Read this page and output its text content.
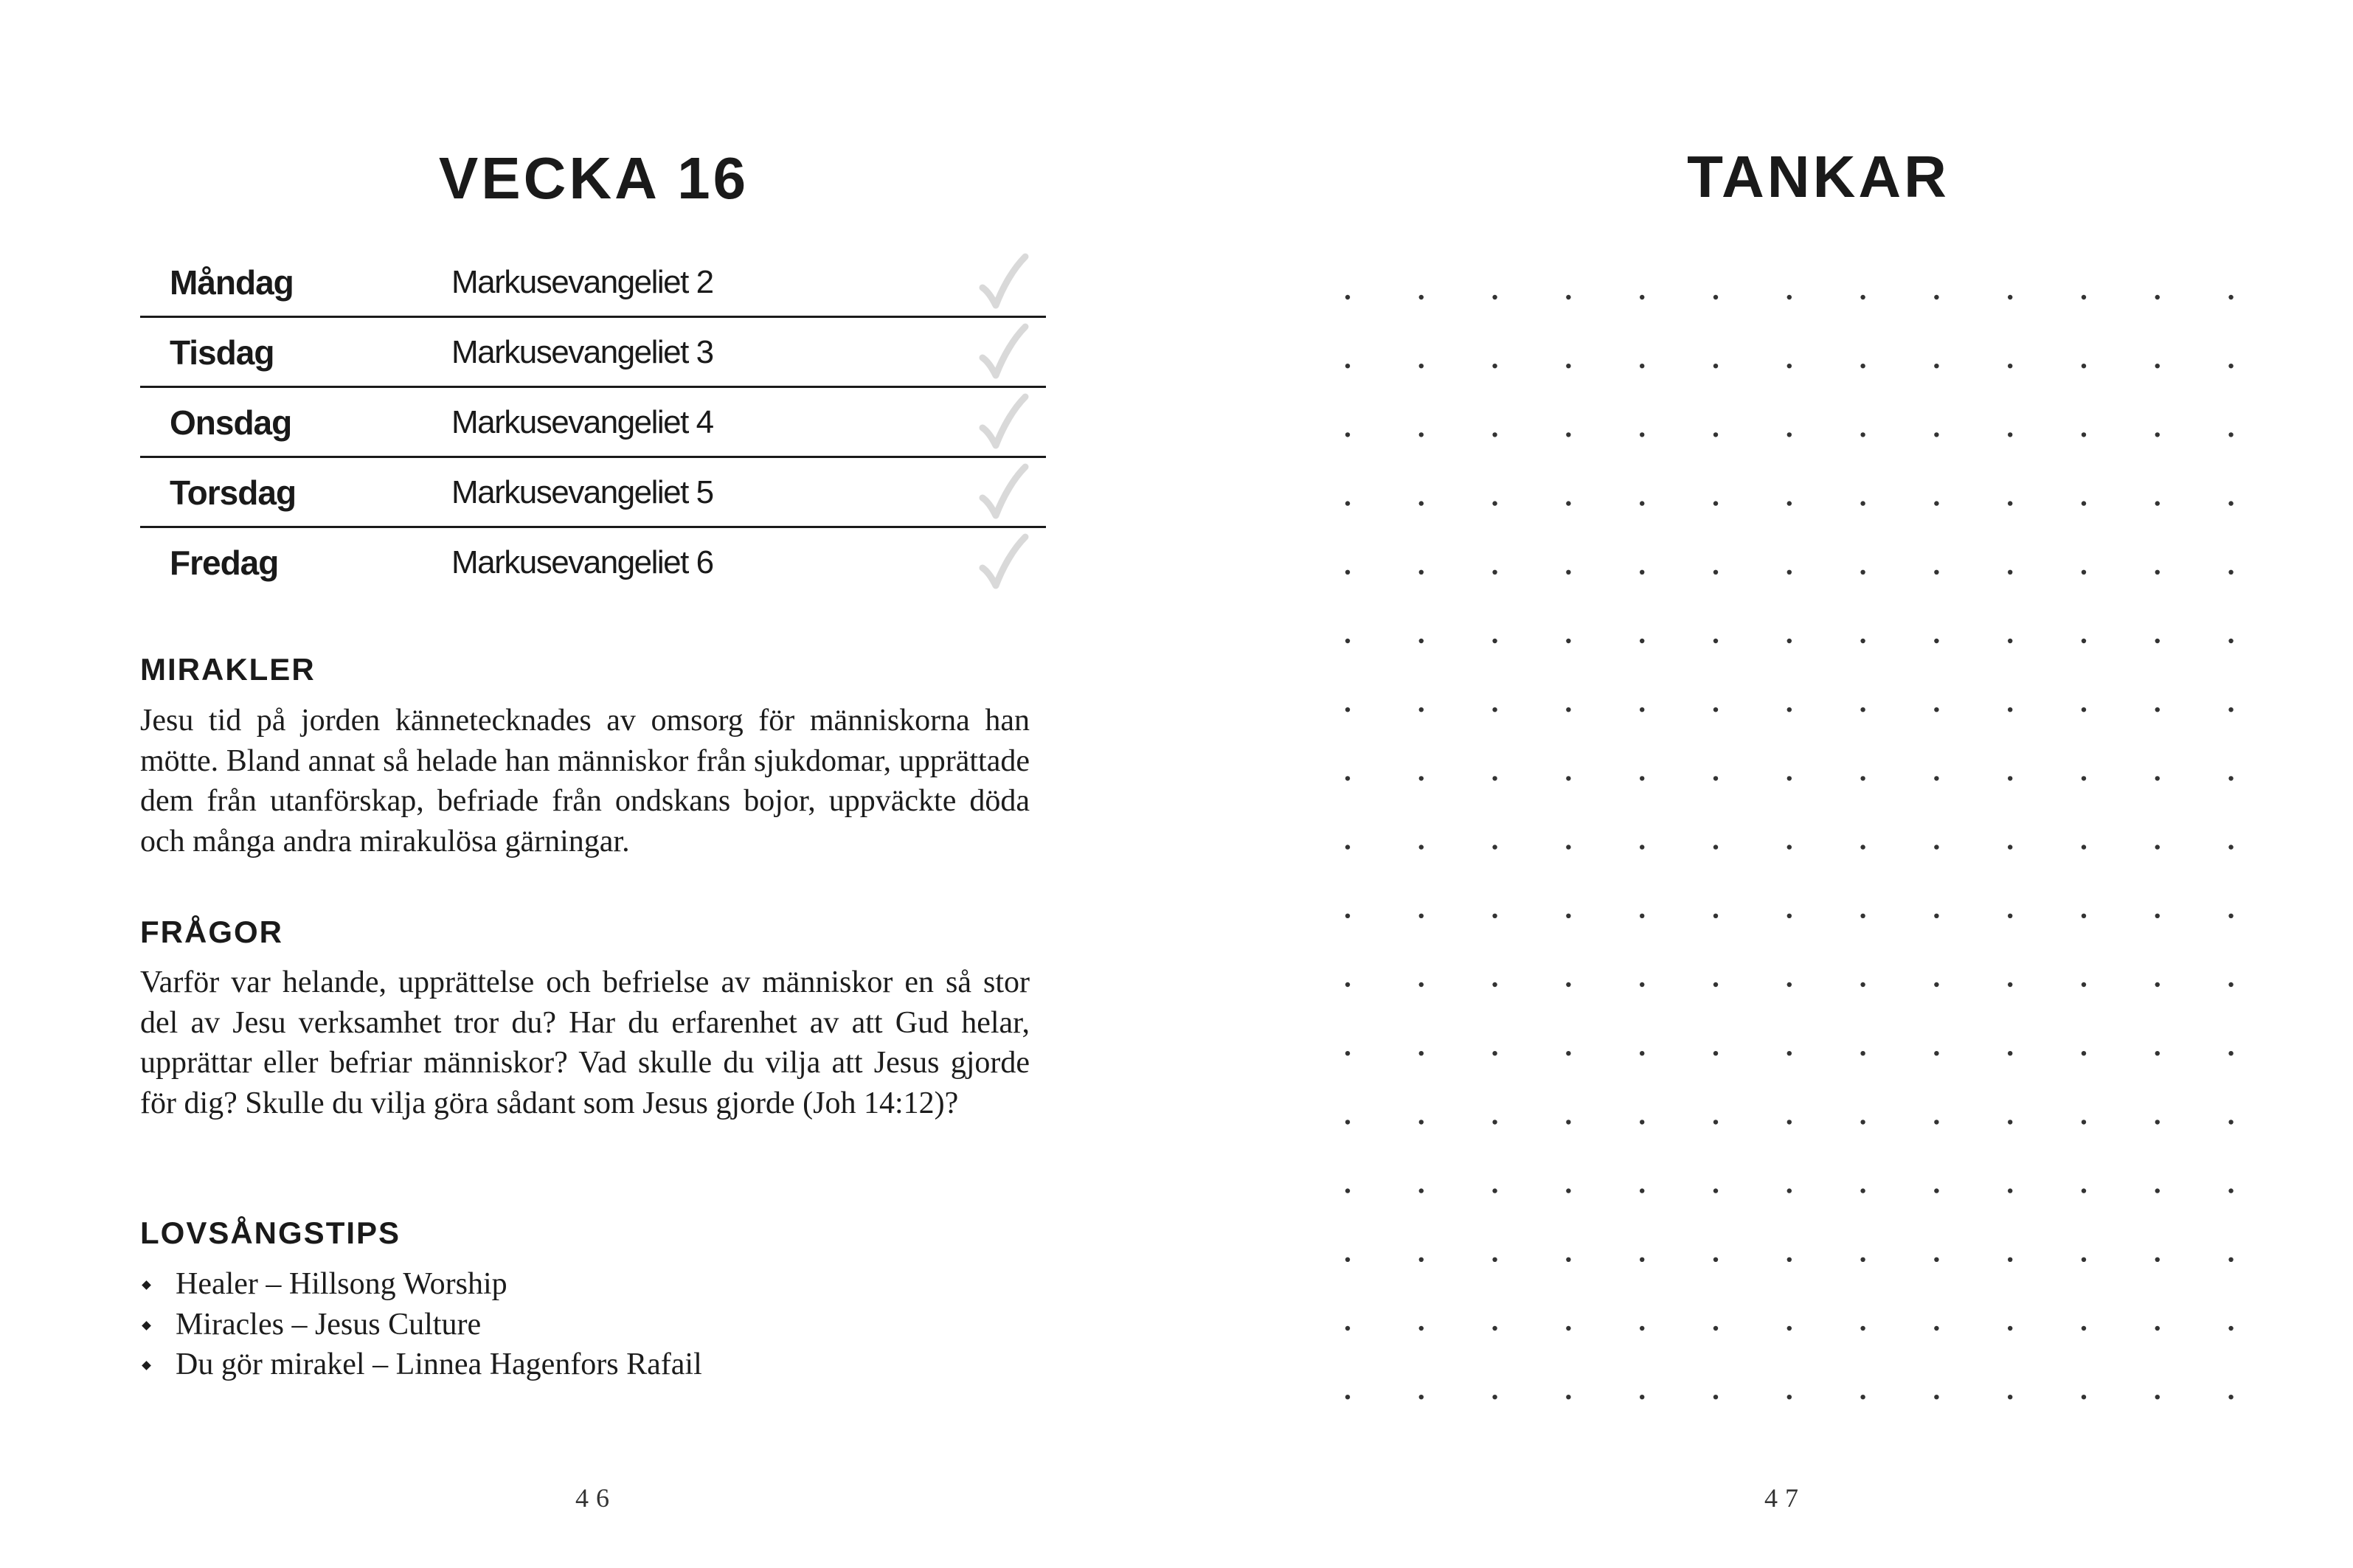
VECKA 16
Måndag	Markusevangeliet 2
Tisdag	Markusevangeliet 3
Onsdag	Markusevangeliet 4
Torsdag	Markusevangeliet 5
Fredag	Markusevangeliet 6
MIRAKLER
Jesu tid på jorden kännetecknades av omsorg för människorna han mötte. Bland annat så helade han människor från sjukdomar, upprättade dem från utanförskap, befriade från ondskans bojor, uppväckte döda och många andra mirakulösa gärningar.
FRÅGOR
Varför var helande, upprättelse och befrielse av människor en så stor del av Jesu verksamhet tror du? Har du erfarenhet av att Gud helar, upprättar eller befriar människor? Vad skulle du vilja att Jesus gjorde för dig? Skulle du vilja göra sådant som Jesus gjorde (Joh 14:12)?
LOVSÅNGSTIPS
Healer – Hillsong Worship
Miracles – Jesus Culture
Du gör mirakel – Linnea Hagenfors Rafail
46
TANKAR
47
